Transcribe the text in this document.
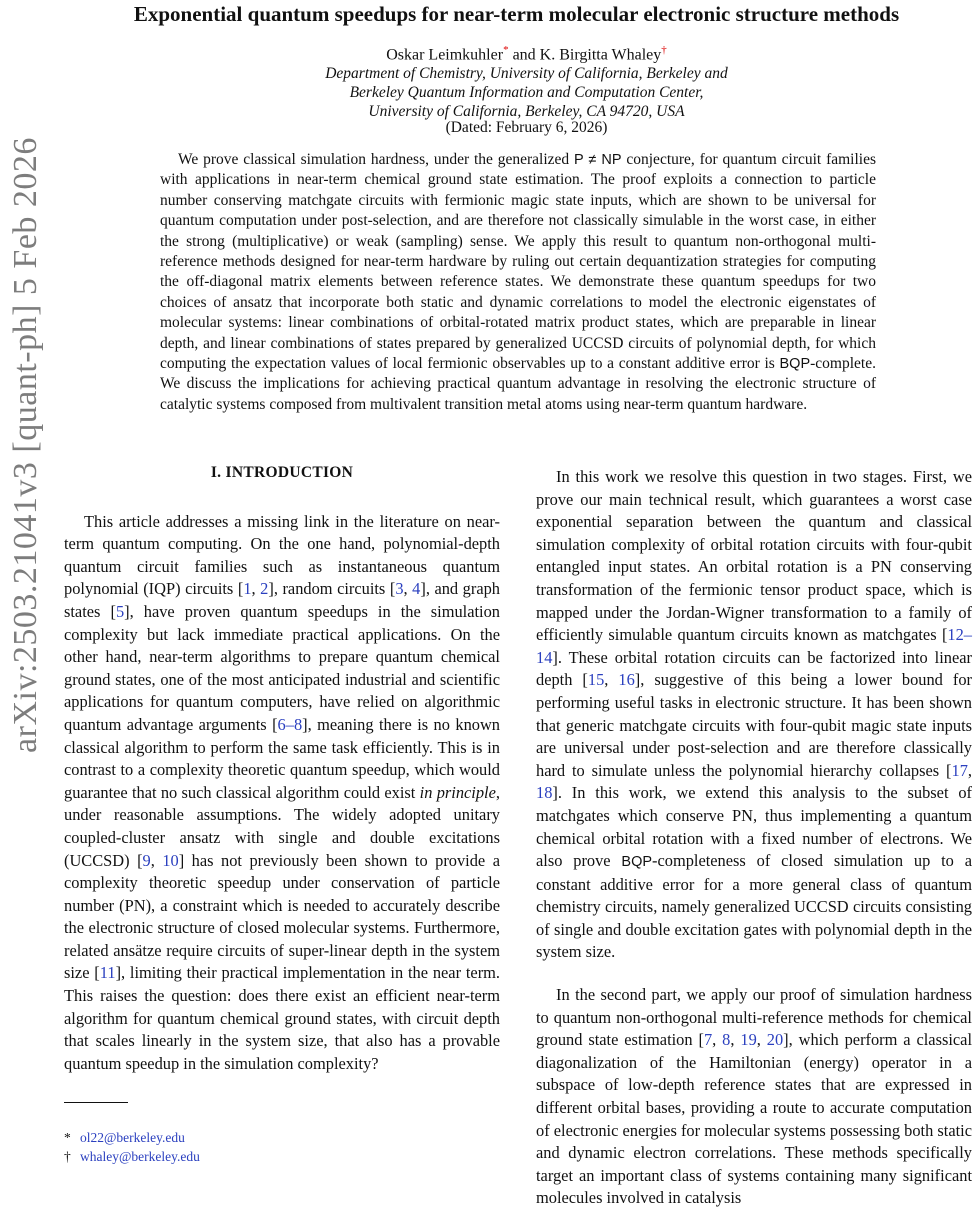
arXiv:2503.21041v3 [quant-ph] 5 Feb 2026
Exponential quantum speedups for near-term molecular electronic structure methods
Oskar Leimkuhler* and K. Birgitta Whaley†
Department of Chemistry, University of California, Berkeley and
Berkeley Quantum Information and Computation Center,
University of California, Berkeley, CA 94720, USA
(Dated: February 6, 2026)
We prove classical simulation hardness, under the generalized P ≠ NP conjecture, for quantum circuit families with applications in near-term chemical ground state estimation. The proof exploits a connection to particle number conserving matchgate circuits with fermionic magic state inputs, which are shown to be universal for quantum computation under post-selection, and are therefore not classically simulable in the worst case, in either the strong (multiplicative) or weak (sampling) sense. We apply this result to quantum non-orthogonal multi-reference methods designed for near-term hardware by ruling out certain dequantization strategies for computing the off-diagonal matrix elements between reference states. We demonstrate these quantum speedups for two choices of ansatz that incorporate both static and dynamic correlations to model the electronic eigenstates of molecular systems: linear combinations of orbital-rotated matrix product states, which are preparable in linear depth, and linear combinations of states prepared by generalized UCCSD circuits of polynomial depth, for which computing the expectation values of local fermionic observables up to a constant additive error is BQP-complete. We discuss the implications for achieving practical quantum advantage in resolving the electronic structure of catalytic systems composed from multivalent transition metal atoms using near-term quantum hardware.
I. INTRODUCTION

This article addresses a missing link in the literature on near-term quantum computing. On the one hand, polynomial-depth quantum circuit families such as instantaneous quantum polynomial (IQP) circuits [1, 2], random circuits [3, 4], and graph states [5], have proven quantum speedups in the simulation complexity but lack immediate practical applications. On the other hand, near-term algorithms to prepare quantum chemical ground states, one of the most anticipated industrial and scientific applications for quantum computers, have relied on algorithmic quantum advantage arguments [6–8], meaning there is no known classical algorithm to perform the same task efficiently. This is in contrast to a complexity theoretic quantum speedup, which would guarantee that no such classical algorithm could exist in principle, under reasonable assumptions. The widely adopted unitary coupled-cluster ansatz with single and double excitations (UCCSD) [9, 10] has not previously been shown to provide a complexity theoretic speedup under conservation of particle number (PN), a constraint which is needed to accurately describe the electronic structure of closed molecular systems. Furthermore, related ansätze require circuits of super-linear depth in the system size [11], limiting their practical implementation in the near term. This raises the question: does there exist an efficient near-term algorithm for quantum chemical ground states, with circuit depth that scales linearly in the system size, that also has a provable quantum speedup in the simulation complexity?

In this work we resolve this question in two stages. First, we prove our main technical result, which guarantees a worst case exponential separation between the quantum and classical simulation complexity of orbital rotation circuits with four-qubit entangled input states. An orbital rotation is a PN conserving transformation of the fermionic tensor product space, which is mapped under the Jordan-Wigner transformation to a family of efficiently simulable quantum circuits known as matchgates [12–14]. These orbital rotation circuits can be factorized into linear depth [15, 16], suggestive of this being a lower bound for performing useful tasks in electronic structure. It has been shown that generic matchgate circuits with four-qubit magic state inputs are universal under post-selection and are therefore classically hard to simulate unless the polynomial hierarchy collapses [17, 18]. In this work, we extend this analysis to the subset of matchgates which conserve PN, thus implementing a quantum chemical orbital rotation with a fixed number of electrons. We also prove BQP-completeness of closed simulation up to a constant additive error for a more general class of quantum chemistry circuits, namely generalized UCCSD circuits consisting of single and double excitation gates with polynomial depth in the system size.

In the second part, we apply our proof of simulation hardness to quantum non-orthogonal multi-reference methods for chemical ground state estimation [7, 8, 19, 20], which perform a classical diagonalization of the Hamiltonian (energy) operator in a subspace of low-depth reference states that are expressed in different orbital bases, providing a route to accurate computation of electronic energies for molecular systems possessing both static and dynamic electron correlations. These methods specifically target an important class of systems containing many significant molecules involved in catalysis

* ol22@berkeley.edu
† whaley@berkeley.edu
